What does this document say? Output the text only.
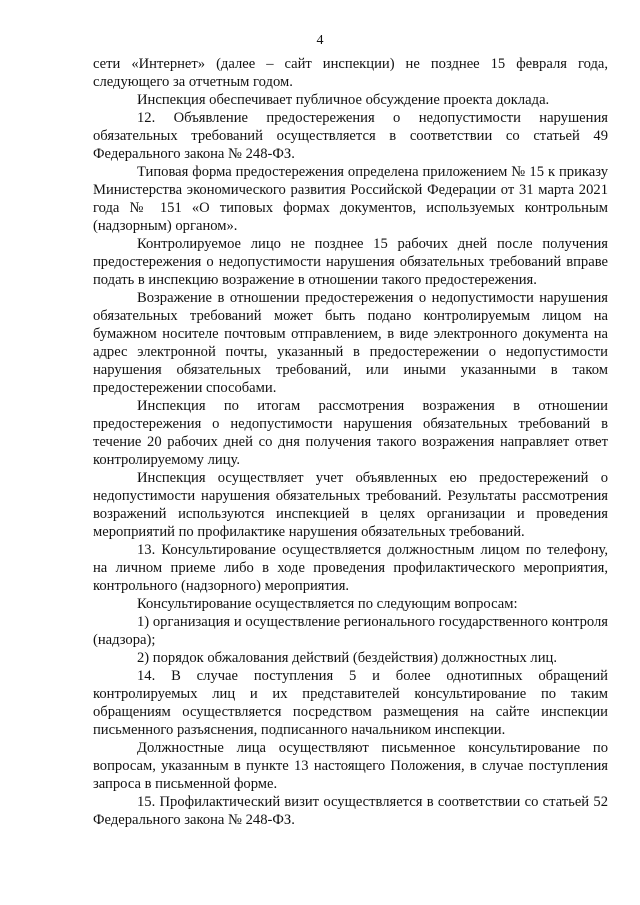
4

сети «Интернет» (далее – сайт инспекции) не позднее 15 февраля года, следующего за отчетным годом.

Инспекция обеспечивает публичное обсуждение проекта доклада.

12. Объявление предостережения о недопустимости нарушения обязательных требований осуществляется в соответствии со статьей 49 Федерального закона № 248-ФЗ.

Типовая форма предостережения определена приложением № 15 к приказу Министерства экономического развития Российской Федерации от 31 марта 2021 года № 151 «О типовых формах документов, используемых контрольным (надзорным) органом».

Контролируемое лицо не позднее 15 рабочих дней после получения предостережения о недопустимости нарушения обязательных требований вправе подать в инспекцию возражение в отношении такого предостережения.

Возражение в отношении предостережения о недопустимости нарушения обязательных требований может быть подано контролируемым лицом на бумажном носителе почтовым отправлением, в виде электронного документа на адрес электронной почты, указанный в предостережении о недопустимости нарушения обязательных требований, или иными указанными в таком предостережении способами.

Инспекция по итогам рассмотрения возражения в отношении предостережения о недопустимости нарушения обязательных требований в течение 20 рабочих дней со дня получения такого возражения направляет ответ контролируемому лицу.

Инспекция осуществляет учет объявленных ею предостережений о недопустимости нарушения обязательных требований. Результаты рассмотрения возражений используются инспекцией в целях организации и проведения мероприятий по профилактике нарушения обязательных требований.

13. Консультирование осуществляется должностным лицом по телефону, на личном приеме либо в ходе проведения профилактического мероприятия, контрольного (надзорного) мероприятия.

Консультирование осуществляется по следующим вопросам:

1) организация и осуществление регионального государственного контроля (надзора);

2) порядок обжалования действий (бездействия) должностных лиц.

14. В случае поступления 5 и более однотипных обращений контролируемых лиц и их представителей консультирование по таким обращениям осуществляется посредством размещения на сайте инспекции письменного разъяснения, подписанного начальником инспекции.

Должностные лица осуществляют письменное консультирование по вопросам, указанным в пункте 13 настоящего Положения, в случае поступления запроса в письменной форме.

15. Профилактический визит осуществляется в соответствии со статьей 52 Федерального закона № 248-ФЗ.
